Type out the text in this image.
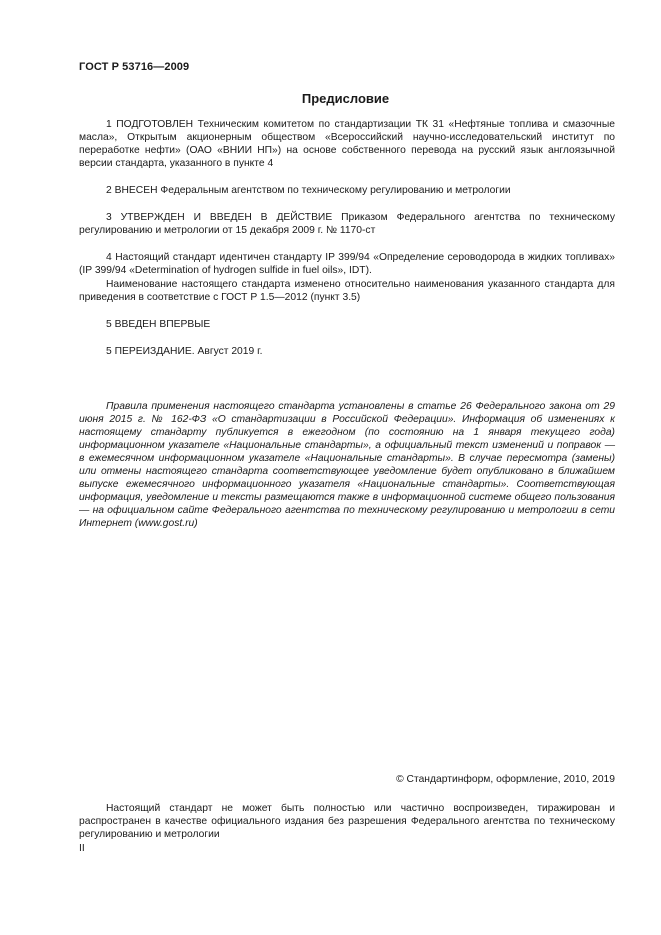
ГОСТ Р 53716—2009
Предисловие

1 ПОДГОТОВЛЕН Техническим комитетом по стандартизации ТК 31 «Нефтяные топлива и смазочные масла», Открытым акционерным обществом «Всероссийский научно-исследовательский институт по переработке нефти» (ОАО «ВНИИ НП») на основе собственного перевода на русский язык англоязычной версии стандарта, указанного в пункте 4

2 ВНЕСЕН Федеральным агентством по техническому регулированию и метрологии

3 УТВЕРЖДЕН И ВВЕДЕН В ДЕЙСТВИЕ Приказом Федерального агентства по техническому регулированию и метрологии от 15 декабря 2009 г. № 1170-ст

4 Настоящий стандарт идентичен стандарту IP 399/94 «Определение сероводорода в жидких топливах» (IP 399/94 «Determination of hydrogen sulfide in fuel oils», IDT).

Наименование настоящего стандарта изменено относительно наименования указанного стандарта для приведения в соответствие с ГОСТ Р 1.5—2012 (пункт 3.5)

5 ВВЕДЕН ВПЕРВЫЕ

5 ПЕРЕИЗДАНИЕ. Август 2019 г.

Правила применения настоящего стандарта установлены в статье 26 Федерального закона от 29 июня 2015 г. № 162-ФЗ «О стандартизации в Российской Федерации». Информация об изменениях к настоящему стандарту публикуется в ежегодном (по состоянию на 1 января текущего года) информационном указателе «Национальные стандарты», а официальный текст изменений и поправок — в ежемесячном информационном указателе «Национальные стандарты». В случае пересмотра (замены) или отмены настоящего стандарта соответствующее уведомление будет опубликовано в ближайшем выпуске ежемесячного информационного указателя «Национальные стандарты». Соответствующая информация, уведомление и тексты размещаются также в информационной системе общего пользования — на официальном сайте Федерального агентства по техническому регулированию и метрологии в сети Интернет (www.gost.ru)

© Стандартинформ, оформление, 2010, 2019

Настоящий стандарт не может быть полностью или частично воспроизведен, тиражирован и распространен в качестве официального издания без разрешения Федерального агентства по техническому регулированию и метрологии

II
